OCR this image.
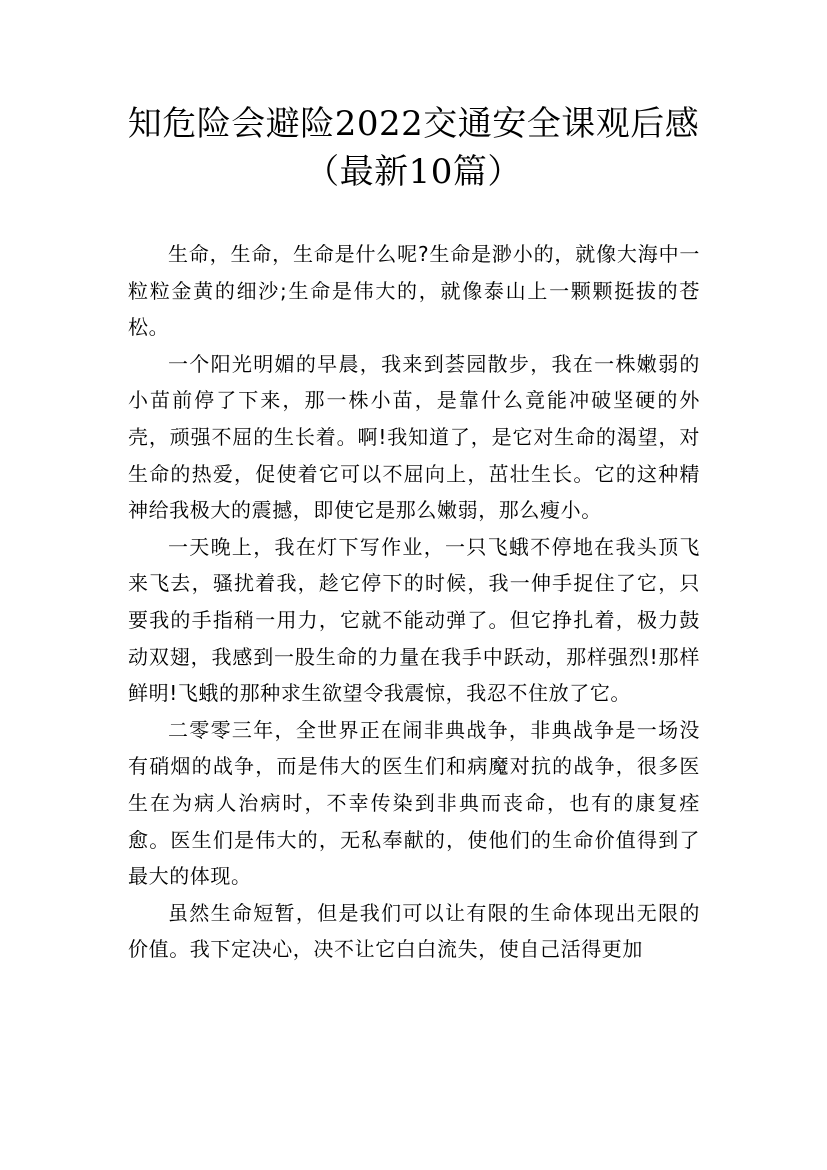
知危险会避险2022交通安全课观后感（最新10篇）

生命，生命，生命是什么呢?生命是渺小的，就像大海中一粒粒金黄的细沙;生命是伟大的，就像泰山上一颗颗挺拔的苍松。

一个阳光明媚的早晨，我来到荟园散步，我在一株嫩弱的小苗前停了下来，那一株小苗，是靠什么竟能冲破坚硬的外壳，顽强不屈的生长着。啊!我知道了，是它对生命的渴望，对生命的热爱，促使着它可以不屈向上，茁壮生长。它的这种精神给我极大的震撼，即使它是那么嫩弱，那么瘦小。

一天晚上，我在灯下写作业，一只飞蛾不停地在我头顶飞来飞去，骚扰着我，趁它停下的时候，我一伸手捉住了它，只要我的手指稍一用力，它就不能动弹了。但它挣扎着，极力鼓动双翅，我感到一股生命的力量在我手中跃动，那样强烈!那样鲜明!飞蛾的那种求生欲望令我震惊，我忍不住放了它。

二零零三年，全世界正在闹非典战争，非典战争是一场没有硝烟的战争，而是伟大的医生们和病魔对抗的战争，很多医生在为病人治病时，不幸传染到非典而丧命，也有的康复痊愈。医生们是伟大的，无私奉献的，使他们的生命价值得到了最大的体现。

虽然生命短暂，但是我们可以让有限的生命体现出无限的价值。我下定决心，决不让它白白流失，使自己活得更加
